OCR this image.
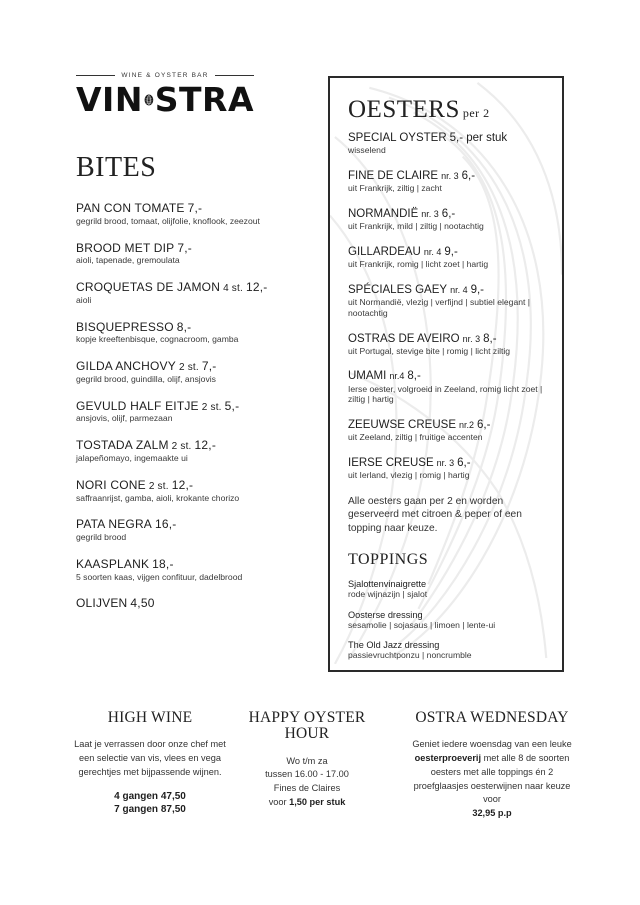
WINE & OYSTER BAR
VIN STRA
BITES
PAN CON TOMATE 7,-
gegrild brood, tomaat, olijfolie, knoflook, zeezout
BROOD MET DIP 7,-
aioli, tapenade, gremoulata
CROQUETAS DE JAMON 4 st. 12,-
aioli
BISQUEPRESSO 8,-
kopje kreeftenbisque, cognacroom, gamba
GILDA ANCHOVY 2 st. 7,-
gegrild brood, guindilla, olijf, ansjovis
GEVULD HALF EITJE 2 st. 5,-
ansjovis, olijf, parmezaan
TOSTADA ZALM 2 st. 12,-
jalapeñomayo, ingemaakte ui
NORI CONE 2 st. 12,-
saffraanrijst, gamba, aioli, krokante chorizo
PATA NEGRA 16,-
gegrild brood
KAASPLANK 18,-
5 soorten kaas, vijgen confituur, dadelbrood
OLIJVEN 4,50
OESTERS per 2
SPECIAL OYSTER 5,- per stuk
wisselend
FINE DE CLAIRE nr. 3 6,-
uit Frankrijk, ziltig | zacht
NORMANDIË nr. 3 6,-
uit Frankrijk, mild | ziltig | nootachtig
GILLARDEAU nr. 4 9,-
uit Frankrijk, romig | licht zoet | hartig
SPÉCIALES GAEY nr. 4 9,-
uit Normandië, vlezig | verfijnd | subtiel elegant | nootachtig
OSTRAS DE AVEIRO nr. 3 8,-
uit Portugal, stevige bite | romig | licht ziltig
UMAMI nr.4 8,-
Ierse oester, volgroeid in Zeeland, romig licht zoet | ziltig | hartig
ZEEUWSE CREUSE nr.2 6,-
uit Zeeland, ziltig | fruitige accenten
IERSE CREUSE nr. 3 6,-
uit Ierland, vlezig | romig | hartig

Alle oesters gaan per 2 en worden geserveerd met citroen & peper of een topping naar keuze.

TOPPINGS
Sjalottenvinaigrette
rode wijnazijn | sjalot
Oosterse dressing
sesamolie | sojasaus | limoen | lente-ui
The Old Jazz dressing
passievruchtponzu | noncrumble
HIGH WINE

Laat je verrassen door onze chef met een selectie van vis, vlees en vega gerechtjes met bijpassende wijnen.

4 gangen 47,50
7 gangen 87,50
HAPPY OYSTER HOUR
Wo t/m za
tussen 16.00 - 17.00
Fines de Claires
voor 1,50 per stuk
OSTRA WEDNESDAY

Geniet iedere woensdag van een leuke oesterproeverij met alle 8 de soorten oesters met alle toppings én 2 proefglaasjes oesterwijnen naar keuze voor
32,95 p.p
